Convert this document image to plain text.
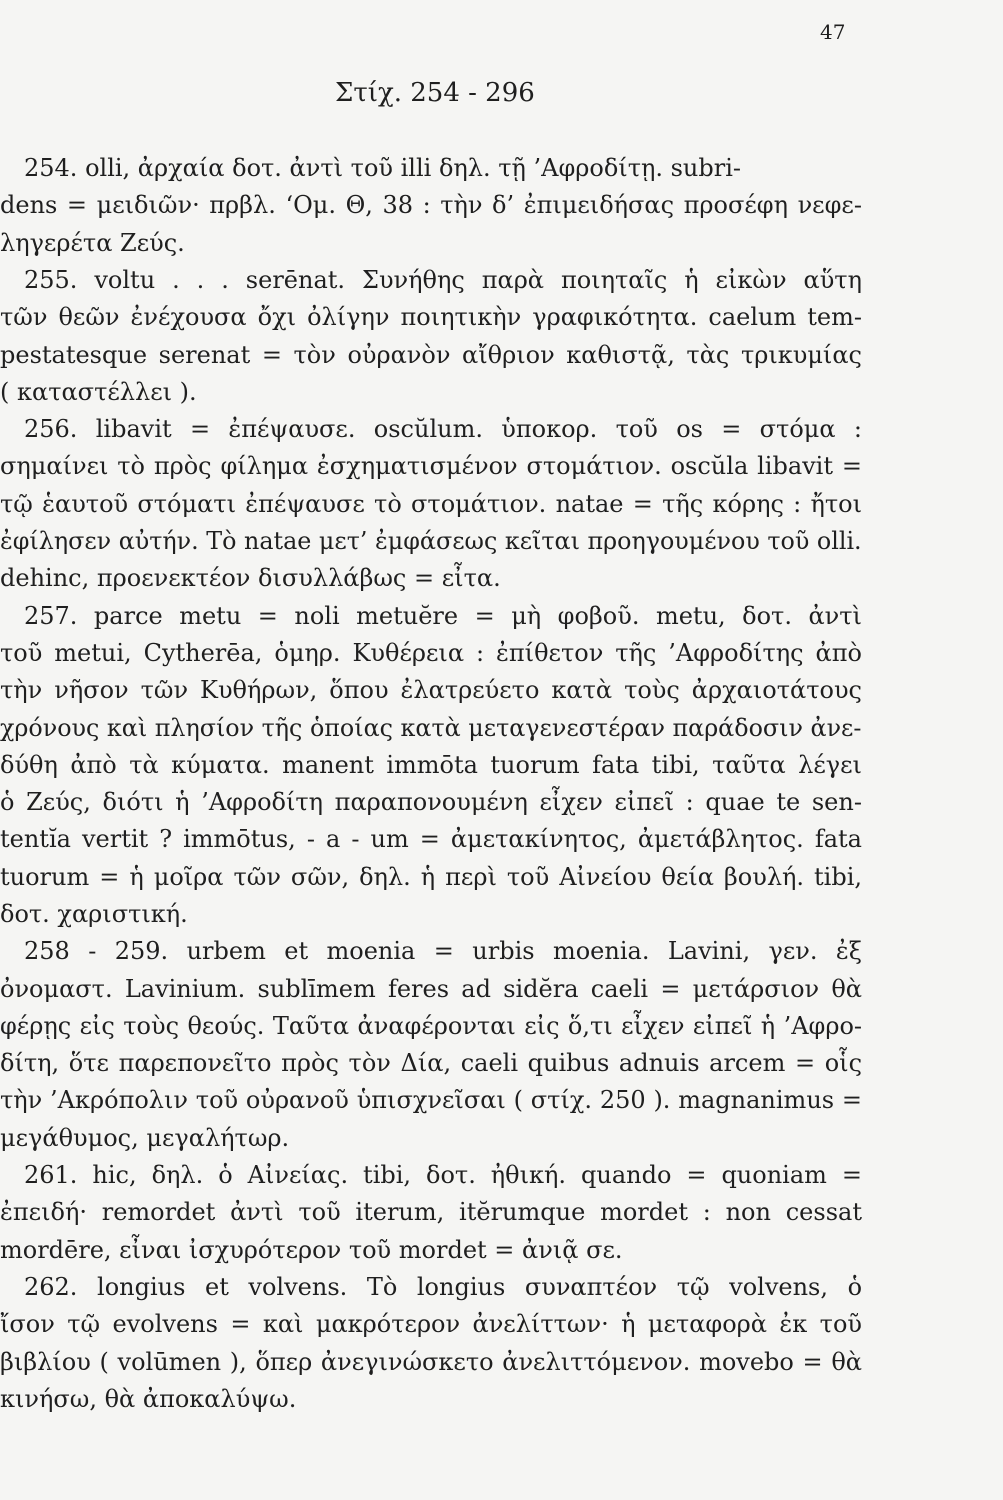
47
Στίχ. 254 - 296
254. olli, ἀρχαία δοτ. ἀντὶ τοῦ illi δηλ. τῇ ’Αφροδίτῃ. subri-
dens = μειδιῶν· πρβλ. ‘Ομ. Θ, 38 : τὴν δ’ ἐπιμειδήσας προσέφη νεφε-
ληγερέτα Ζεύς.
255. voltu . . . serēnat. Συνήθης παρὰ ποιηταῖς ἡ εἰκὼν αὕτη
τῶν θεῶν ἐνέχουσα ὄχι ὀλίγην ποιητικὴν γραφικότητα. caelum tem-
pestatesque serenat = τὸν οὐρανὸν αἴθριον καθιστᾷ, τὰς τρικυμίας
( καταστέλλει ).
256. libavit = ἐπέψαυσε. oscŭlum. ὑποκορ. τοῦ os = στόμα :
σημαίνει τὸ πρὸς φίλημα ἐσχηματισμένον στομάτιον. oscŭla libavit =
τῷ ἑαυτοῦ στόματι ἐπέψαυσε τὸ στομάτιον. natae = τῆς κόρης : ἤτοι
ἐφίλησεν αὐτήν. Τὸ natae μετ’ ἐμφάσεως κεῖται προηγουμένου τοῦ olli.
dehinc, προενεκτέον δισυλλάβως = εἶτα.
257. parce metu = noli metuĕre = μὴ φοβοῦ. metu, δοτ. ἀντὶ
τοῦ metui, Cytherēa, ὁμηρ. Κυθέρεια : ἐπίθετον τῆς ’Αφροδίτης ἀπὸ
τὴν νῆσον τῶν Κυθήρων, ὅπου ἐλατρεύετο κατὰ τοὺς ἀρχαιοτάτους
χρόνους καὶ πλησίον τῆς ὁποίας κατὰ μεταγενεστέραν παράδοσιν ἀνε-
δύθη ἀπὸ τὰ κύματα. manent immōta tuorum fata tibi, ταῦτα λέγει
ὁ Ζεύς, διότι ἡ ’Αφροδίτη παραπονουμένη εἶχεν εἰπεῖ : quae te sen-
tentĭa vertit ? immōtus, - a - um = ἀμετακίνητος, ἀμετάβλητος. fata
tuorum = ἡ μοῖρα τῶν σῶν, δηλ. ἡ περὶ τοῦ Αἰνείου θεία βουλή. tibi,
δοτ. χαριστική.
258 - 259. urbem et moenia = urbis moenia. Lavini, γεν. ἐξ
ὀνομαστ. Lavinium. sublīmem feres ad sidĕra caeli = μετάρσιον θὰ
φέρῃς εἰς τοὺς θεούς. Ταῦτα ἀναφέρονται εἰς ὅ,τι εἶχεν εἰπεῖ ἡ ’Αφρο-
δίτη, ὅτε παρεπονεῖτο πρὸς τὸν Δία, caeli quibus adnuis arcem = οἷς
τὴν ’Ακρόπολιν τοῦ οὐρανοῦ ὑπισχνεῖσαι ( στίχ. 250 ). magnanimus =
μεγάθυμος, μεγαλήτωρ.
261. hic, δηλ. ὁ Αἰνείας. tibi, δοτ. ἠθική. quando = quoniam =
ἐπειδή· remordet ἀντὶ τοῦ iterum, itĕrumque mordet : non cessat
mordēre, εἶναι ἰσχυρότερον τοῦ mordet = ἀνιᾷ σε.
262. longius et volvens. Τὸ longius συναπτέον τῷ volvens, ὁ
ἴσον τῷ evolvens = καὶ μακρότερον ἀνελίττων· ἡ μεταφορὰ ἐκ τοῦ
βιβλίου ( volūmen ), ὅπερ ἀνεγινώσκετο ἀνελιττόμενον. movebo = θὰ
κινήσω, θὰ ἀποκαλύψω.
